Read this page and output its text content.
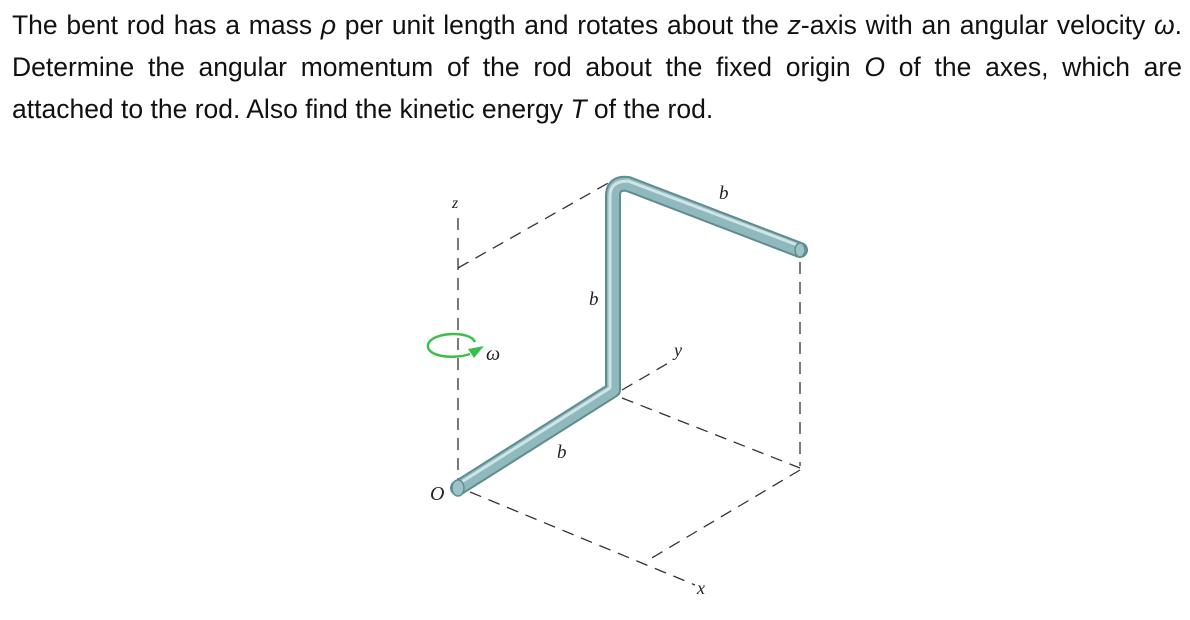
The bent rod has a mass ρ per unit length and rotates about the z-axis with an angular velocity ω. Determine the angular momentum of the rod about the fixed origin O of the axes, which are attached to the rod. Also find the kinetic energy T of the rod.

z
ω
O
b
b
b
y
x
